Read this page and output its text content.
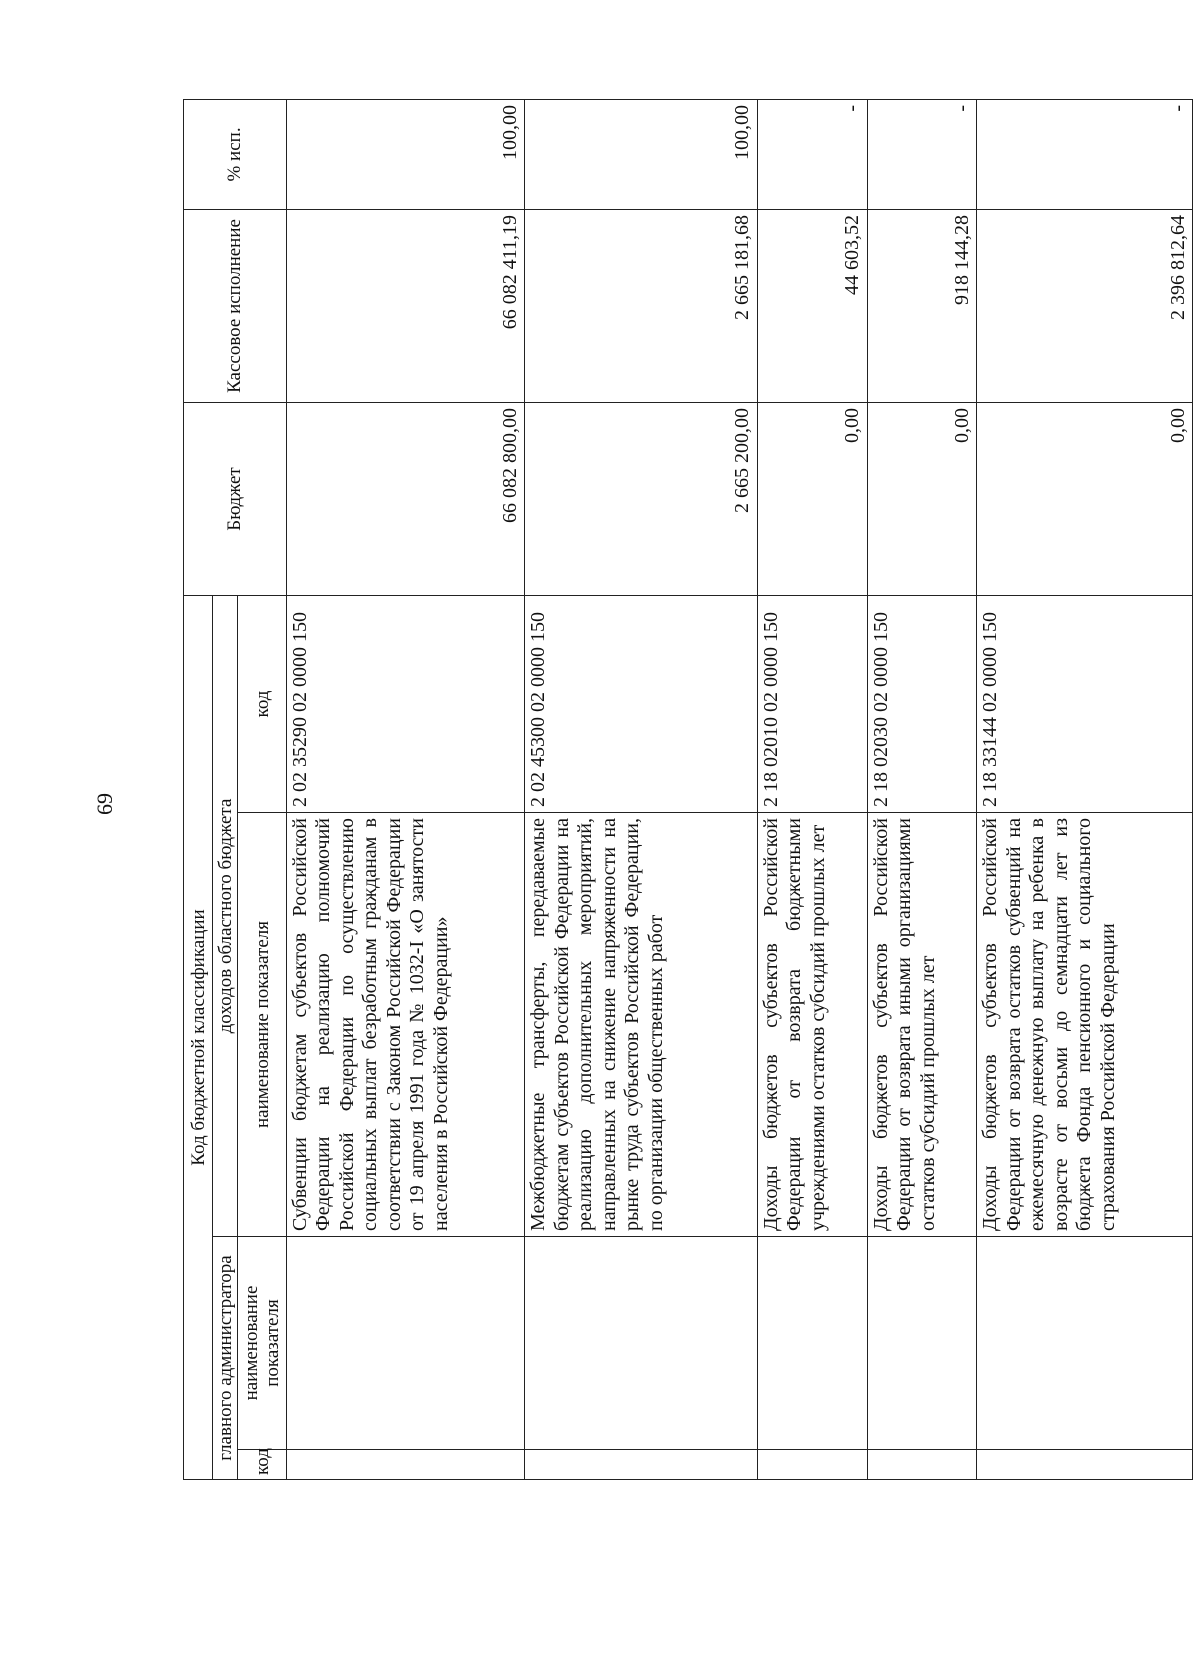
69
Код бюджетной классификации				Бюджет	Кассовое исполнение	% исп.
главного администратора		доходов областного бюджета				
код	наименование показателя	наименование показателя	код			
		Субвенции бюджетам субъектов Российской Федерации на реализацию полномочий Российской Федерации по осуществлению социальных выплат безработным гражданам в соответствии с Законом Российской Федерации от 19 апреля 1991 года № 1032-I «О занятости населения в Российской Федерации»	2 02 35290 02 0000 150	66 082 800,00	66 082 411,19	100,00
		Межбюджетные трансферты, передаваемые бюджетам субъектов Российской Федерации на реализацию дополнительных мероприятий, направленных на снижение напряженности на рынке труда субъектов Российской Федерации, по организации общественных работ	2 02 45300 02 0000 150	2 665 200,00	2 665 181,68	100,00
		Доходы бюджетов субъектов Российской Федерации от возврата бюджетными учреждениями остатков субсидий прошлых лет	2 18 02010 02 0000 150	0,00	44 603,52	-
		Доходы бюджетов субъектов Российской Федерации от возврата иными организациями остатков субсидий прошлых лет	2 18 02030 02 0000 150	0,00	918 144,28	-
		Доходы бюджетов субъектов Российской Федерации от возврата остатков субвенций на ежемесячную денежную выплату на ребенка в возрасте от восьми до семнадцати лет из бюджета Фонда пенсионного и социального страхования Российской Федерации	2 18 33144 02 0000 150	0,00	2 396 812,64	-
